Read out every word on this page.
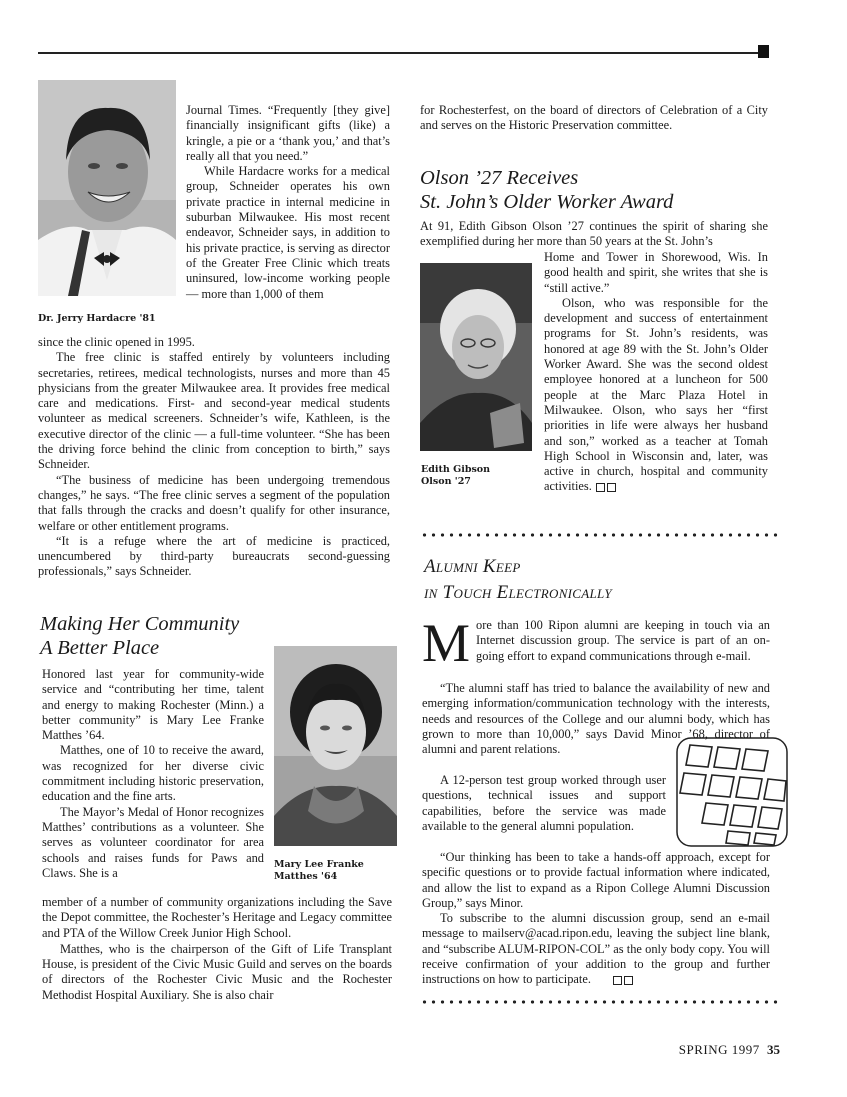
Dr. Jerry Hardacre '81

Journal Times. “Frequently [they give] financially insignificant gifts (like) a kringle, a pie or a ‘thank you,’ and that’s really all that you need.”

While Hardacre works for a medical group, Schneider operates his own private practice in internal medicine in suburban Milwaukee. His most recent endeavor, Schneider says, in addition to his private practice, is serving as director of the Greater Free Clinic which treats uninsured, low-income working people — more than 1,000 of them

since the clinic opened in 1995.

The free clinic is staffed entirely by volunteers including secretaries, retirees, medical technologists, nurses and more than 45 physicians from the greater Milwaukee area. It provides free medical care and medications. First- and second-year medical students volunteer as medical screeners. Schneider’s wife, Kathleen, is the executive director of the clinic — a full-time volunteer. “She has been the driving force behind the clinic from conception to birth,” says Schneider.

“The business of medicine has been undergoing tremendous changes,” he says. “The free clinic serves a segment of the population that falls through the cracks and doesn’t qualify for other insurance, welfare or other entitlement programs.

“It is a refuge where the art of medicine is practiced, unencumbered by third-party bureaucrats second-guessing professionals,” says Schneider.

Making Her Community
A Better Place
Mary Lee Franke
Matthes '64

Honored last year for community-wide service and “contributing her time, talent and energy to making Rochester (Minn.) a better community” is Mary Lee Franke Matthes ’64.

Matthes, one of 10 to receive the award, was recognized for her diverse civic commitment including historic preservation, education and the fine arts.

The Mayor’s Medal of Honor recognizes Matthes’ contributions as a volunteer. She serves as volunteer coordinator for area schools and raises funds for Paws and Claws. She is a

member of a number of community organizations including the Save the Depot committee, the Rochester’s Heritage and Legacy committee and PTA of the Willow Creek Junior High School.

Matthes, who is the chairperson of the Gift of Life Transplant House, is president of the Civic Music Guild and serves on the boards of directors of the Rochester Civic Music and the Rochester Methodist Hospital Auxiliary. She is also chair

for Rochesterfest, on the board of directors of Celebration of a City and serves on the Historic Preservation committee.
Olson ’27 Receives
St. John’s Older Worker Award
At 91, Edith Gibson Olson ’27 continues the spirit of sharing she exemplified during her more than 50 years at the St. John’s
Edith Gibson
Olson '27

Home and Tower in Shorewood, Wis. In good health and spirit, she writes that she is “still active.”

Olson, who was responsible for the development and success of entertainment programs for St. John’s residents, was honored at age 89 with the St. John’s Older Worker Award. She was the second oldest employee honored at a luncheon for 500 people at the Marc Plaza Hotel in Milwaukee. Olson, who says her “first priorities in life were always her husband and son,” worked as a teacher at Tomah High School in Wisconsin and, later, was active in church, hospital and community activities.

Alumni Keep
in Touch Electronically
M ore than 100 Ripon alumni are keeping in touch via an Internet discussion group. The service is part of an on-going effort to expand communications through e-mail.

“The alumni staff has tried to balance the availability of new and emerging information/communication technology with the interests, needs and resources of the College and our alumni body, which has grown to more than 10,000,” says David Minor ’68, director of alumni and parent relations.
A 12-person test group worked through user questions, technical issues and support capabilities, before the service was made available to the general alumni population.
“Our thinking has been to take a hands-off approach, except for specific questions or to provide factual information where indicated, and allow the list to expand as a Ripon College Alumni Discussion Group,” says Minor.
To subscribe to the alumni discussion group, send an e-mail message to mailserv@acad.ripon.edu, leaving the subject line blank, and “subscribe ALUM-RIPON-COL” as the only body copy. You will receive confirmation of your addition to the group and further instructions on how to participate.
SPRING 1997 35
